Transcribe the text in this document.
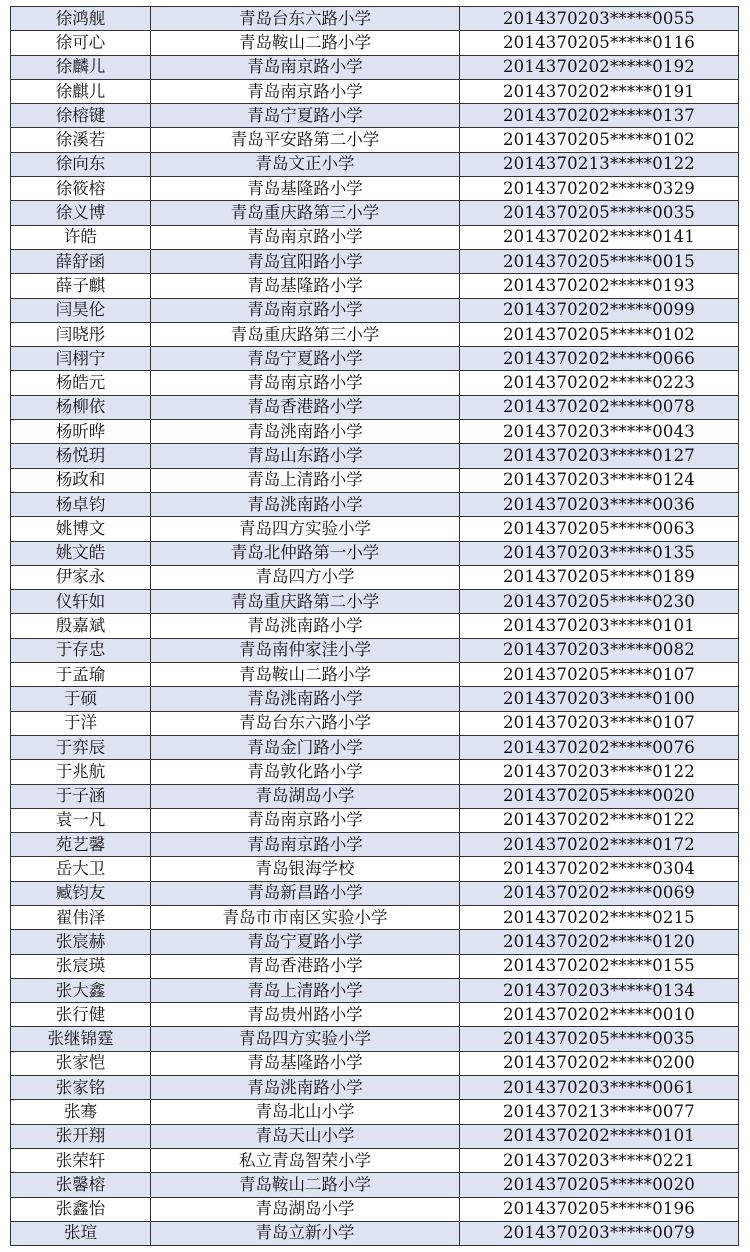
徐鸿舰	青岛台东六路小学	2014370203*****0055
徐可心	青岛鞍山二路小学	2014370205*****0116
徐麟儿	青岛南京路小学	2014370202*****0192
徐麒儿	青岛南京路小学	2014370202*****0191
徐榕键	青岛宁夏路小学	2014370202*****0137
徐溪若	青岛平安路第二小学	2014370205*****0102
徐向东	青岛文正小学	2014370213*****0122
徐筱榕	青岛基隆路小学	2014370202*****0329
徐义博	青岛重庆路第三小学	2014370205*****0035
许皓	青岛南京路小学	2014370202*****0141
薛舒函	青岛宜阳路小学	2014370205*****0015
薛子麒	青岛基隆路小学	2014370202*****0193
闫昊伦	青岛南京路小学	2014370202*****0099
闫晓彤	青岛重庆路第三小学	2014370205*****0102
闫栩宁	青岛宁夏路小学	2014370202*****0066
杨皓元	青岛南京路小学	2014370202*****0223
杨柳依	青岛香港路小学	2014370202*****0078
杨昕晔	青岛洮南路小学	2014370203*****0043
杨悦玥	青岛山东路小学	2014370203*****0127
杨政和	青岛上清路小学	2014370203*****0124
杨卓钧	青岛洮南路小学	2014370203*****0036
姚博文	青岛四方实验小学	2014370205*****0063
姚文皓	青岛北仲路第一小学	2014370203*****0135
伊家永	青岛四方小学	2014370205*****0189
仪轩如	青岛重庆路第二小学	2014370205*****0230
殷嘉斌	青岛洮南路小学	2014370203*****0101
于存忠	青岛南仲家洼小学	2014370203*****0082
于孟瑜	青岛鞍山二路小学	2014370205*****0107
于硕	青岛洮南路小学	2014370203*****0100
于洋	青岛台东六路小学	2014370203*****0107
于弈辰	青岛金门路小学	2014370202*****0076
于兆航	青岛敦化路小学	2014370203*****0122
于子涵	青岛湖岛小学	2014370205*****0020
袁一凡	青岛南京路小学	2014370202*****0122
苑艺馨	青岛南京路小学	2014370202*****0172
岳大卫	青岛银海学校	2014370202*****0304
臧钧友	青岛新昌路小学	2014370202*****0069
翟伟泽	青岛市市南区实验小学	2014370202*****0215
张宸赫	青岛宁夏路小学	2014370202*****0120
张宸瑛	青岛香港路小学	2014370202*****0155
张大鑫	青岛上清路小学	2014370203*****0134
张行健	青岛贵州路小学	2014370202*****0010
张继锦霆	青岛四方实验小学	2014370205*****0035
张家恺	青岛基隆路小学	2014370202*****0200
张家铭	青岛洮南路小学	2014370203*****0061
张骞	青岛北山小学	2014370213*****0077
张开翔	青岛天山小学	2014370202*****0101
张荣轩	私立青岛智荣小学	2014370203*****0221
张馨榕	青岛鞍山二路小学	2014370205*****0020
张鑫怡	青岛湖岛小学	2014370205*****0196
张瑄	青岛立新小学	2014370203*****0079
